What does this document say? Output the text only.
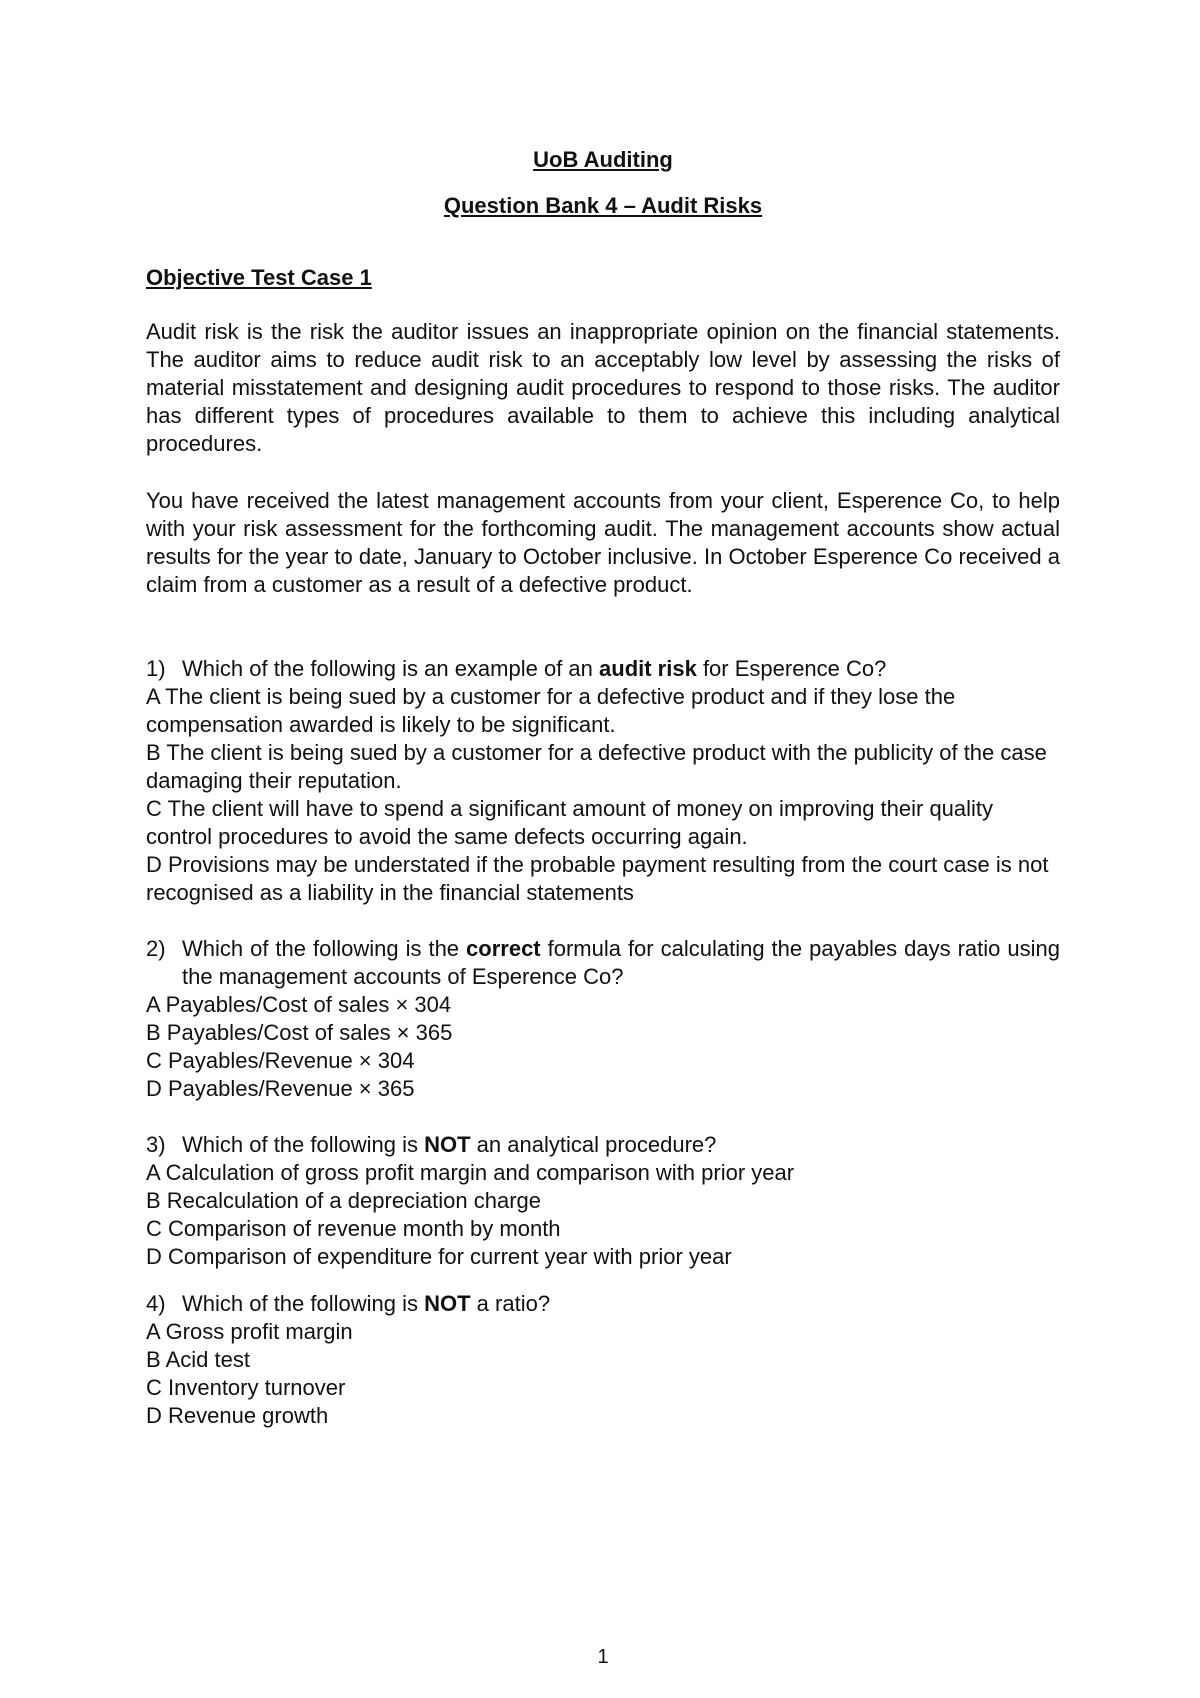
UoB Auditing
Question Bank 4 – Audit Risks
Objective Test Case 1
Audit risk is the risk the auditor issues an inappropriate opinion on the financial statements. The auditor aims to reduce audit risk to an acceptably low level by assessing the risks of material misstatement and designing audit procedures to respond to those risks. The auditor has different types of procedures available to them to achieve this including analytical procedures.
You have received the latest management accounts from your client, Esperence Co, to help with your risk assessment for the forthcoming audit. The management accounts show actual results for the year to date, January to October inclusive. In October Esperence Co received a claim from a customer as a result of a defective product.
1) Which of the following is an example of an audit risk for Esperence Co?
A The client is being sued by a customer for a defective product and if they lose the compensation awarded is likely to be significant.
B The client is being sued by a customer for a defective product with the publicity of the case damaging their reputation.
C The client will have to spend a significant amount of money on improving their quality control procedures to avoid the same defects occurring again.
D Provisions may be understated if the probable payment resulting from the court case is not recognised as a liability in the financial statements
2) Which of the following is the correct formula for calculating the payables days ratio using the management accounts of Esperence Co?
A Payables/Cost of sales × 304
B Payables/Cost of sales × 365
C Payables/Revenue × 304
D Payables/Revenue × 365
3) Which of the following is NOT an analytical procedure?
A Calculation of gross profit margin and comparison with prior year
B Recalculation of a depreciation charge
C Comparison of revenue month by month
D Comparison of expenditure for current year with prior year
4) Which of the following is NOT a ratio?
A Gross profit margin
B Acid test
C Inventory turnover
D Revenue growth
1
